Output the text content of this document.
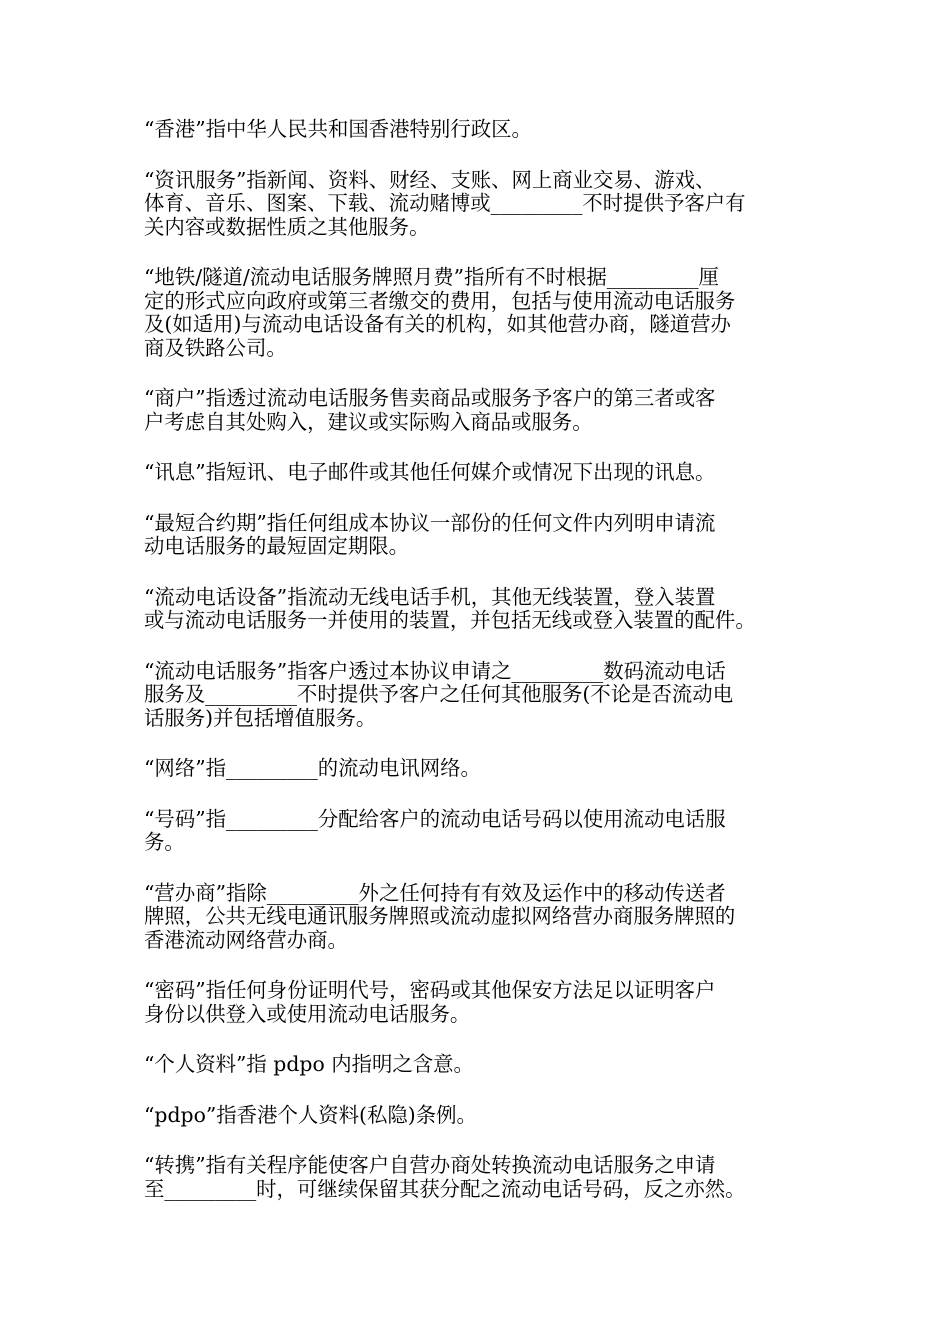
“香港”指中华人民共和国香港特别行政区。

“资讯服务”指新闻、资料、财经、支账、网上商业交易、游戏、
体育、音乐、图案、下载、流动赌博或_________不时提供予客户有
关内容或数据性质之其他服务。

“地铁/隧道/流动电话服务牌照月费”指所有不时根据_________厘
定的形式应向政府或第三者缴交的费用，包括与使用流动电话服务
及(如适用)与流动电话设备有关的机构，如其他营办商，隧道营办
商及铁路公司。

“商户”指透过流动电话服务售卖商品或服务予客户的第三者或客
户考虑自其处购入，建议或实际购入商品或服务。

“讯息”指短讯、电子邮件或其他任何媒介或情况下出现的讯息。

“最短合约期”指任何组成本协议一部份的任何文件内列明申请流
动电话服务的最短固定期限。

“流动电话设备”指流动无线电话手机，其他无线装置，登入装置
或与流动电话服务一并使用的装置，并包括无线或登入装置的配件。

“流动电话服务”指客户透过本协议申请之_________数码流动电话
服务及_________不时提供予客户之任何其他服务(不论是否流动电
话服务)并包括增值服务。

“网络”指_________的流动电讯网络。

“号码”指_________分配给客户的流动电话号码以使用流动电话服
务。

“营办商”指除_________外之任何持有有效及运作中的移动传送者
牌照，公共无线电通讯服务牌照或流动虚拟网络营办商服务牌照的
香港流动网络营办商。

“密码”指任何身份证明代号，密码或其他保安方法足以证明客户
身份以供登入或使用流动电话服务。

“个人资料”指 pdpo 内指明之含意。

“pdpo”指香港个人资料(私隐)条例。

“转携”指有关程序能使客户自营办商处转换流动电话服务之申请
至_________时，可继续保留其获分配之流动电话号码，反之亦然。
